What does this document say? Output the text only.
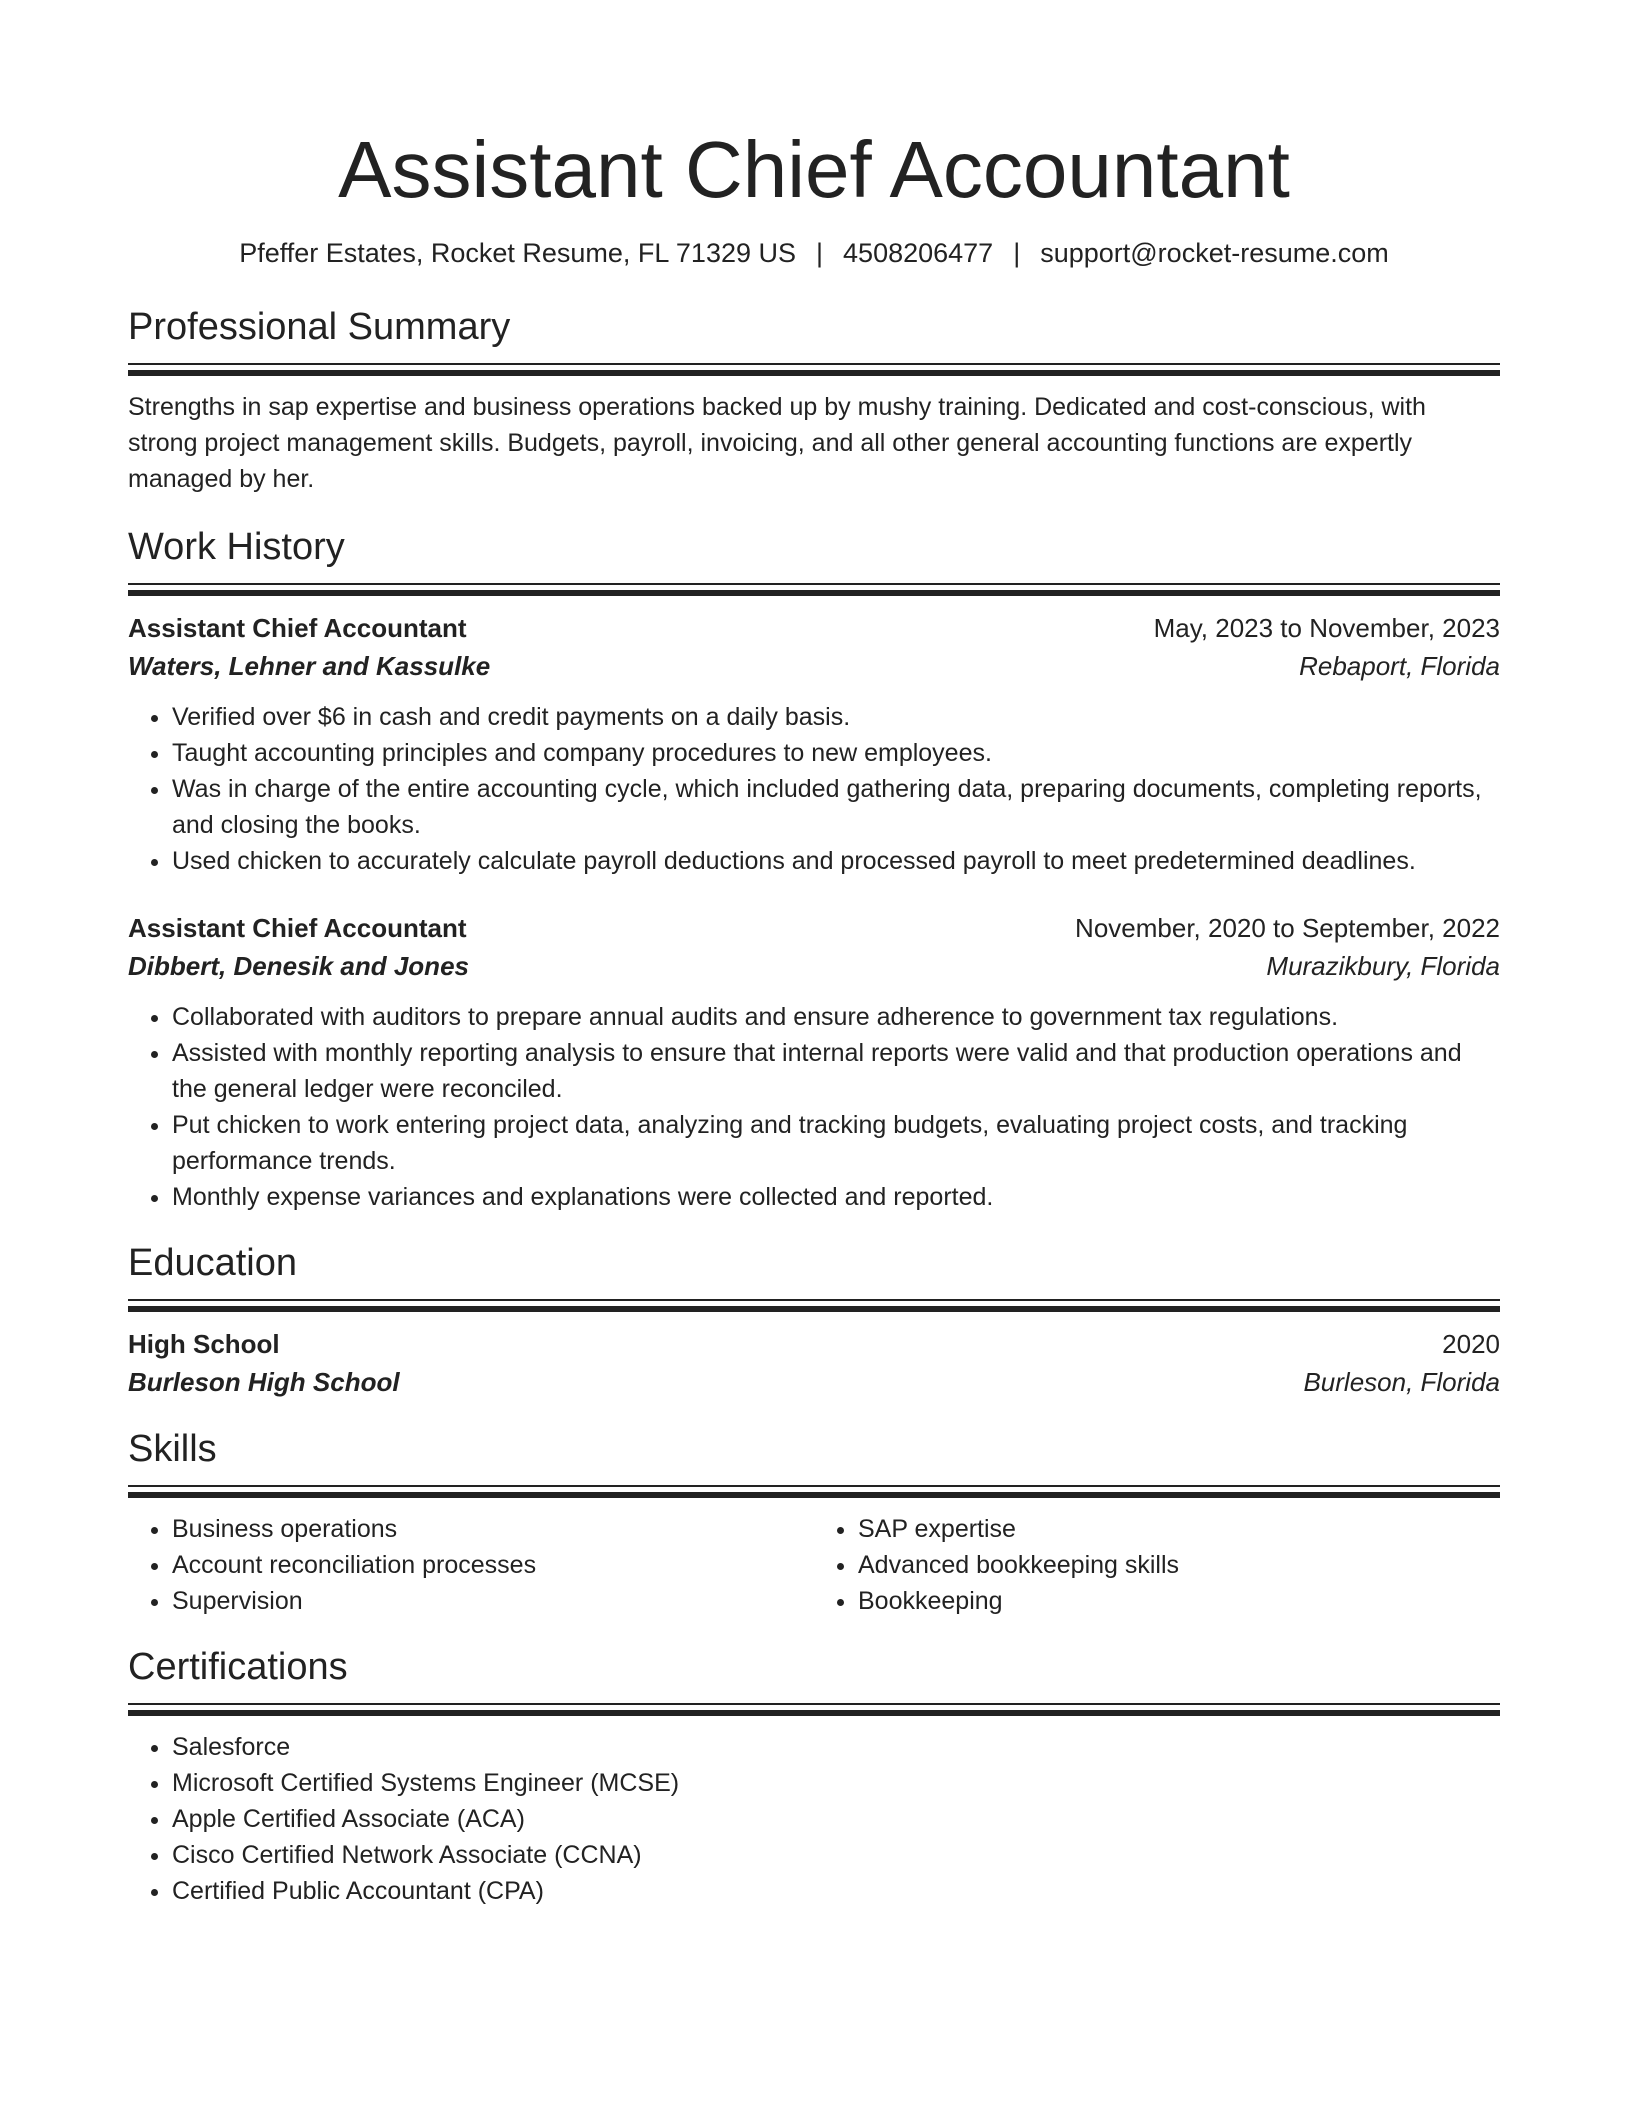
Assistant Chief Accountant
Pfeffer Estates, Rocket Resume, FL 71329 US | 4508206477 | support@rocket-resume.com
Professional Summary
Strengths in sap expertise and business operations backed up by mushy training. Dedicated and cost-conscious, with strong project management skills. Budgets, payroll, invoicing, and all other general accounting functions are expertly managed by her.
Work History
Assistant Chief Accountant	May, 2023 to November, 2023
Waters, Lehner and Kassulke	Rebaport, Florida
• Verified over $6 in cash and credit payments on a daily basis.
• Taught accounting principles and company procedures to new employees.
• Was in charge of the entire accounting cycle, which included gathering data, preparing documents, completing reports, and closing the books.
• Used chicken to accurately calculate payroll deductions and processed payroll to meet predetermined deadlines.
Assistant Chief Accountant	November, 2020 to September, 2022
Dibbert, Denesik and Jones	Murazikbury, Florida
• Collaborated with auditors to prepare annual audits and ensure adherence to government tax regulations.
• Assisted with monthly reporting analysis to ensure that internal reports were valid and that production operations and the general ledger were reconciled.
• Put chicken to work entering project data, analyzing and tracking budgets, evaluating project costs, and tracking performance trends.
• Monthly expense variances and explanations were collected and reported.
Education
High School	2020
Burleson High School	Burleson, Florida
Skills
• Business operations
• Account reconciliation processes
• Supervision
• SAP expertise
• Advanced bookkeeping skills
• Bookkeeping
Certifications
• Salesforce
• Microsoft Certified Systems Engineer (MCSE)
• Apple Certified Associate (ACA)
• Cisco Certified Network Associate (CCNA)
• Certified Public Accountant (CPA)
